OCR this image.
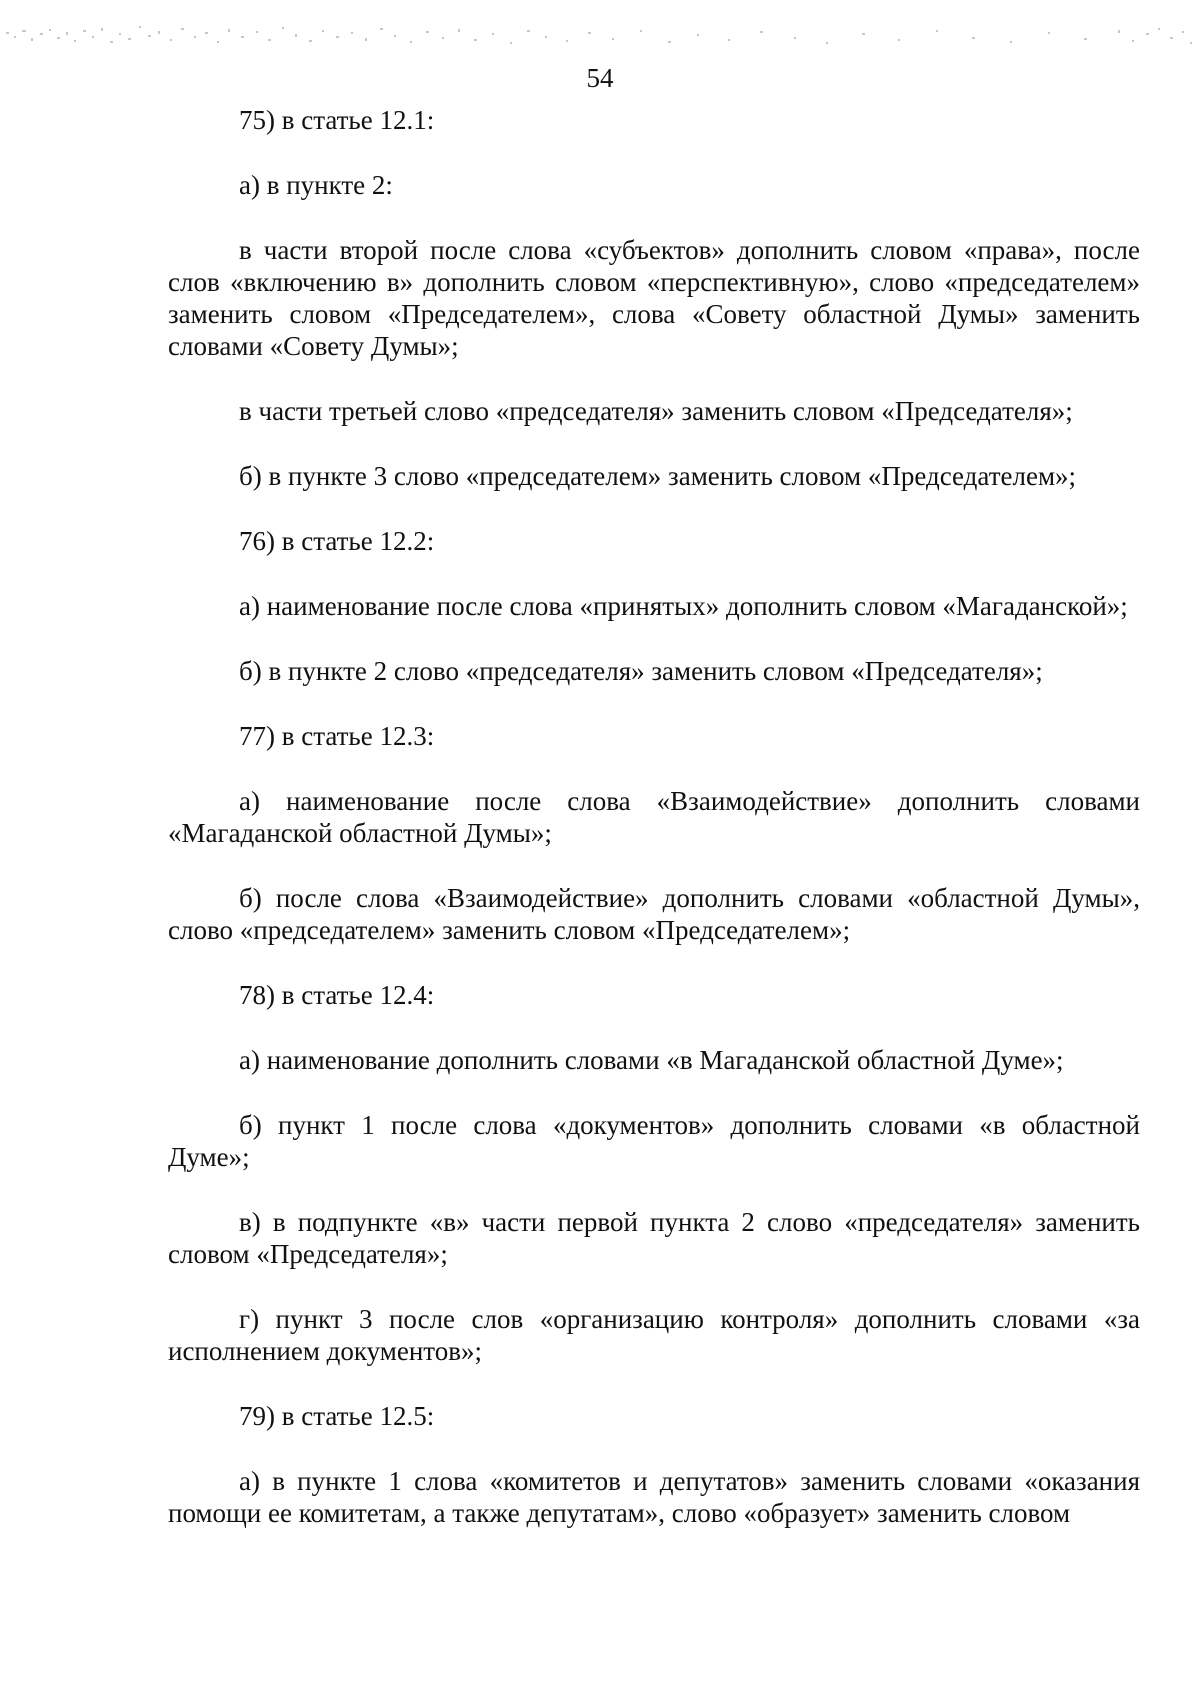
54

75) в статье 12.1:

а) в пункте 2:

в части второй после слова «субъектов» дополнить словом «права», после слов «включению в» дополнить словом «перспективную», слово «председателем» заменить словом «Председателем», слова «Совету областной Думы» заменить словами «Совету Думы»;

в части третьей слово «председателя» заменить словом «Председателя»;

б) в пункте 3 слово «председателем» заменить словом «Председателем»;

76) в статье 12.2:

а) наименование после слова «принятых» дополнить словом «Магаданской»;

б) в пункте 2 слово «председателя» заменить словом «Председателя»;

77) в статье 12.3:

а) наименование после слова «Взаимодействие» дополнить словами «Магаданской областной Думы»;

б) после слова «Взаимодействие» дополнить словами «областной Думы», слово «председателем» заменить словом «Председателем»;

78) в статье 12.4:

а) наименование дополнить словами «в Магаданской областной Думе»;

б) пункт 1 после слова «документов» дополнить словами «в областной Думе»;

в) в подпункте «в» части первой пункта 2 слово «председателя» заменить словом «Председателя»;

г) пункт 3 после слов «организацию контроля» дополнить словами «за исполнением документов»;

79) в статье 12.5:

а) в пункте 1 слова «комитетов и депутатов» заменить словами «оказания помощи ее комитетам, а также депутатам», слово «образует» заменить словом
